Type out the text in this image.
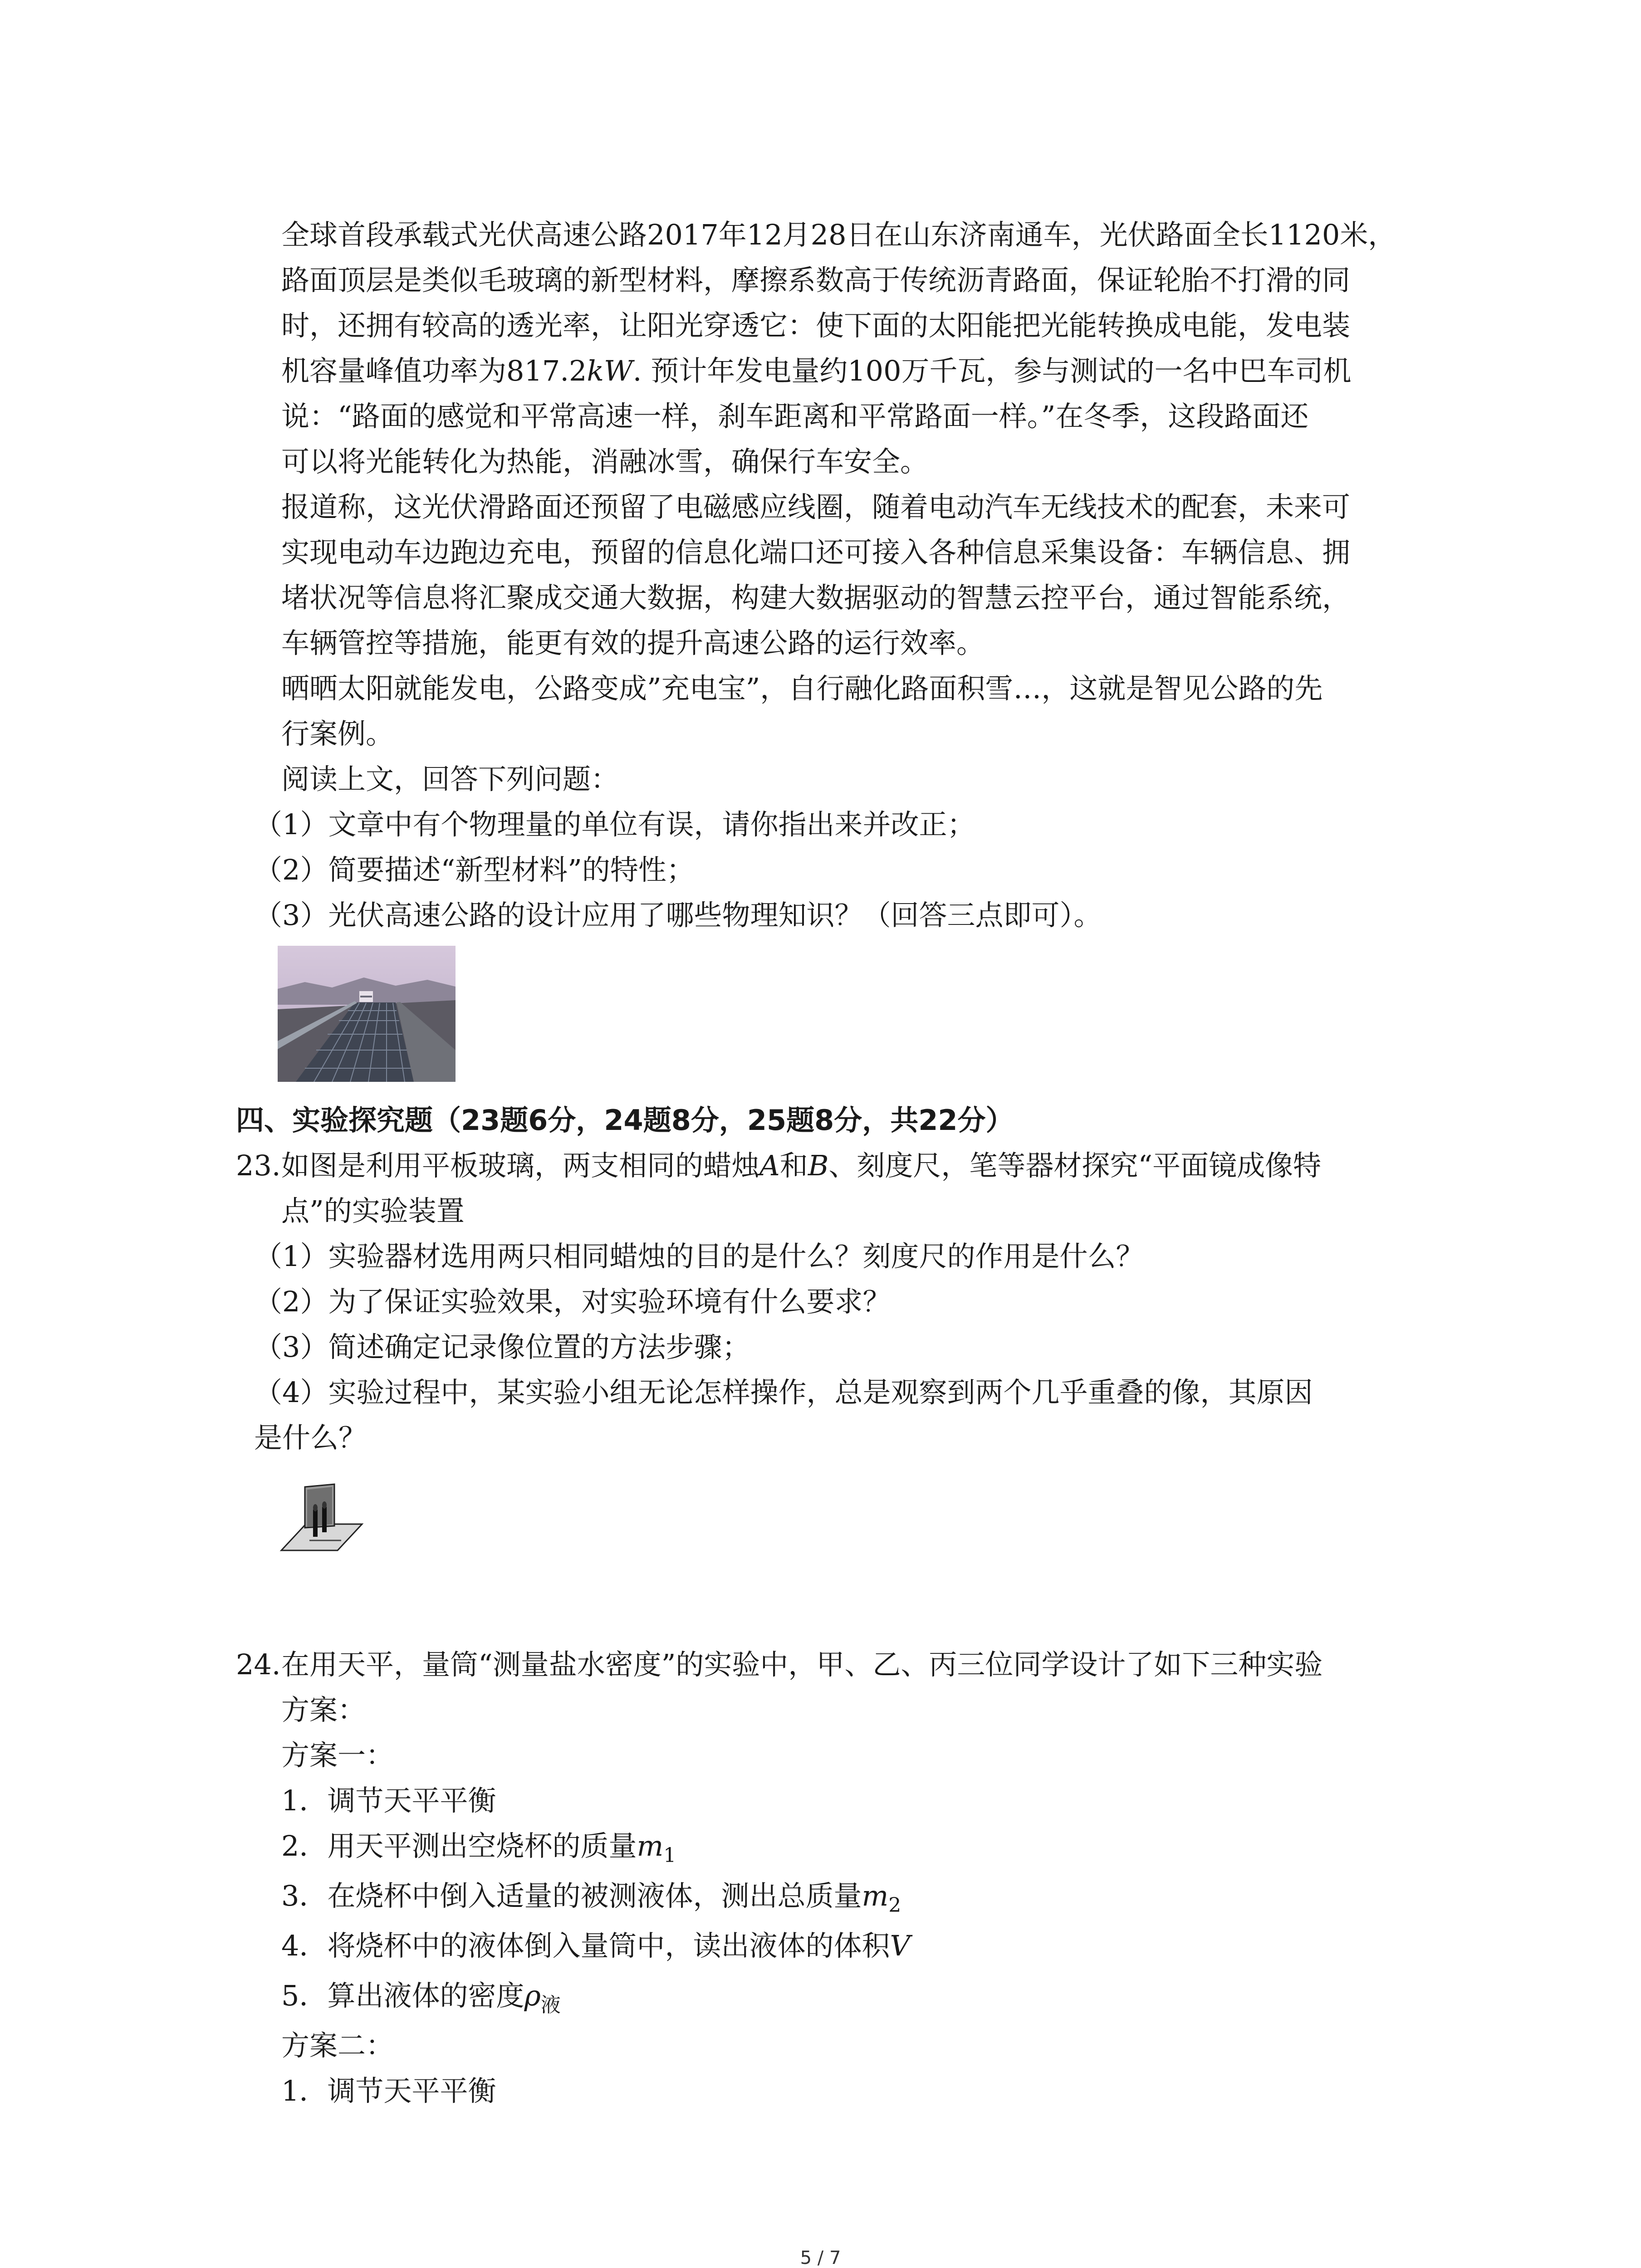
全球首段承载式光伏高速公路2017年12月28日在山东济南通车，光伏路面全长1120米，
路面顶层是类似毛玻璃的新型材料，摩擦系数高于传统沥青路面，保证轮胎不打滑的同
时，还拥有较高的透光率，让阳光穿透它：使下面的太阳能把光能转换成电能，发电装
机容量峰值功率为817.2kW. 预计年发电量约100万千瓦，参与测试的一名中巴车司机
说：“路面的感觉和平常高速一样，刹车距离和平常路面一样。”在冬季，这段路面还
可以将光能转化为热能，消融冰雪，确保行车安全。
报道称，这光伏滑路面还预留了电磁感应线圈，随着电动汽车无线技术的配套，未来可
实现电动车边跑边充电，预留的信息化端口还可接入各种信息采集设备：车辆信息、拥
堵状况等信息将汇聚成交通大数据，构建大数据驱动的智慧云控平台，通过智能系统，
车辆管控等措施，能更有效的提升高速公路的运行效率。
晒晒太阳就能发电，公路变成”充电宝”，自行融化路面积雪…，这就是智见公路的先
行案例。
阅读上文，回答下列问题：
（1）文章中有个物理量的单位有误，请你指出来并改正；
（2）简要描述“新型材料”的特性；
（3）光伏高速公路的设计应用了哪些物理知识？（回答三点即可）。
四、实验探究题（23题6分，24题8分，25题8分，共22分）
23. 如图是利用平板玻璃，两支相同的蜡烛A和B、刻度尺，笔等器材探究“平面镜成像特
点”的实验装置
（1）实验器材选用两只相同蜡烛的目的是什么？刻度尺的作用是什么？
（2）为了保证实验效果，对实验环境有什么要求？
（3）简述确定记录像位置的方法步骤；
（4）实验过程中，某实验小组无论怎样操作，总是观察到两个几乎重叠的像，其原因
是什么？
24. 在用天平，量筒“测量盐水密度”的实验中，甲、乙、丙三位同学设计了如下三种实验
方案：
方案一：
1．调节天平平衡
2．用天平测出空烧杯的质量$m_1$
3．在烧杯中倒入适量的被测液体，测出总质量$m_2$
4．将烧杯中的液体倒入量筒中，读出液体的体积V
5．算出液体的密度$\rho_液$
方案二：
1．调节天平平衡
5 / 7
